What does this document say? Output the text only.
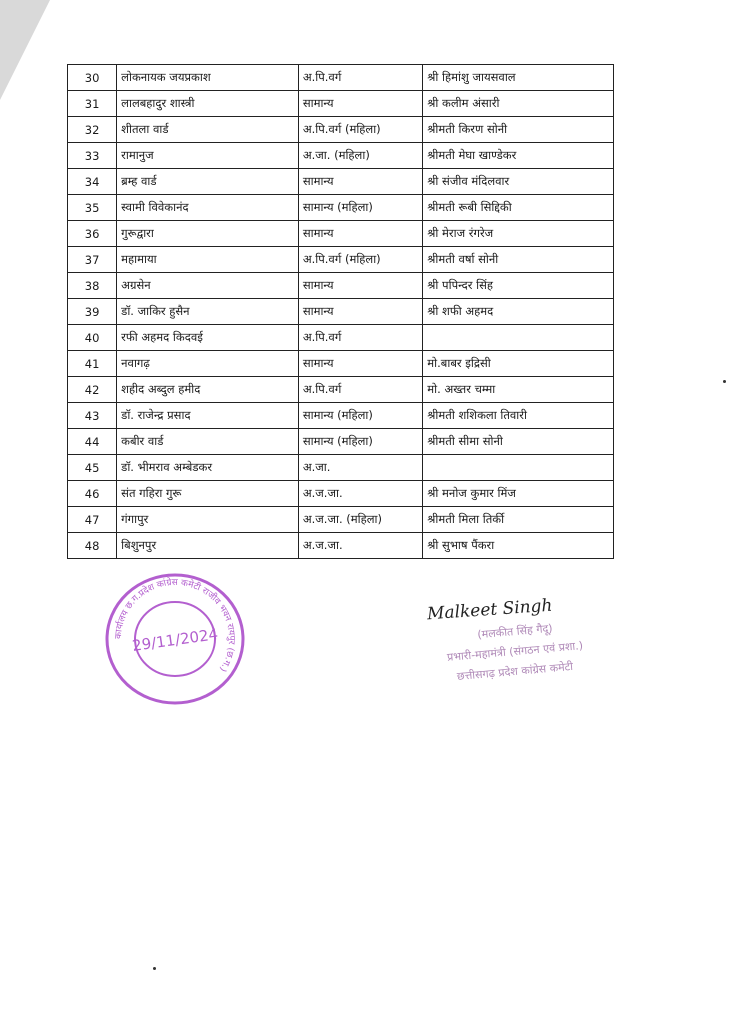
30	लोकनायक जयप्रकाश	अ.पि.वर्ग	श्री हिमांशु जायसवाल
31	लालबहादुर शास्त्री	सामान्य	श्री कलीम अंसारी
32	शीतला वार्ड	अ.पि.वर्ग (महिला)	श्रीमती किरण सोनी
33	रामानुज	अ.जा. (महिला)	श्रीमती मेघा खाण्डेकर
34	ब्रम्ह वार्ड	सामान्य	श्री संजीव मंदिलवार
35	स्वामी विवेकानंद	सामान्य (महिला)	श्रीमती रूबी सिद्दिकी
36	गुरूद्वारा	सामान्य	श्री मेराज रंगरेज
37	महामाया	अ.पि.वर्ग (महिला)	श्रीमती वर्षा सोनी
38	अग्रसेन	सामान्य	श्री पपिन्दर सिंह
39	डॉ. जाकिर हुसैन	सामान्य	श्री शफी अहमद
40	रफी अहमद किदवई	अ.पि.वर्ग	
41	नवागढ़	सामान्य	मो.बाबर इद्रिसी
42	शहीद अब्दुल हमीद	अ.पि.वर्ग	मो. अख्तर चम्मा
43	डॉ. राजेन्द्र प्रसाद	सामान्य (महिला)	श्रीमती शशिकला तिवारी
44	कबीर वार्ड	सामान्य (महिला)	श्रीमती सीमा सोनी
45	डॉ. भीमराव अम्बेडकर	अ.जा.	
46	संत गहिरा गुरू	अ.ज.जा.	श्री मनोज कुमार मिंज
47	गंगापुर	अ.ज.जा. (महिला)	श्रीमती मिला तिर्की
48	बिशुनपुर	अ.ज.जा.	श्री सुभाष पैंकरा
कार्यालय छ.ग.प्रदेश कांग्रेस कमेटी राजीव भवन रायपुर (छ.ग.)
29/11/2024
Malkeet Singh
(मलकीत सिंह गैदू)
प्रभारी-महामंत्री (संगठन एवं प्रशा.)
छत्तीसगढ़ प्रदेश कांग्रेस कमेटी
